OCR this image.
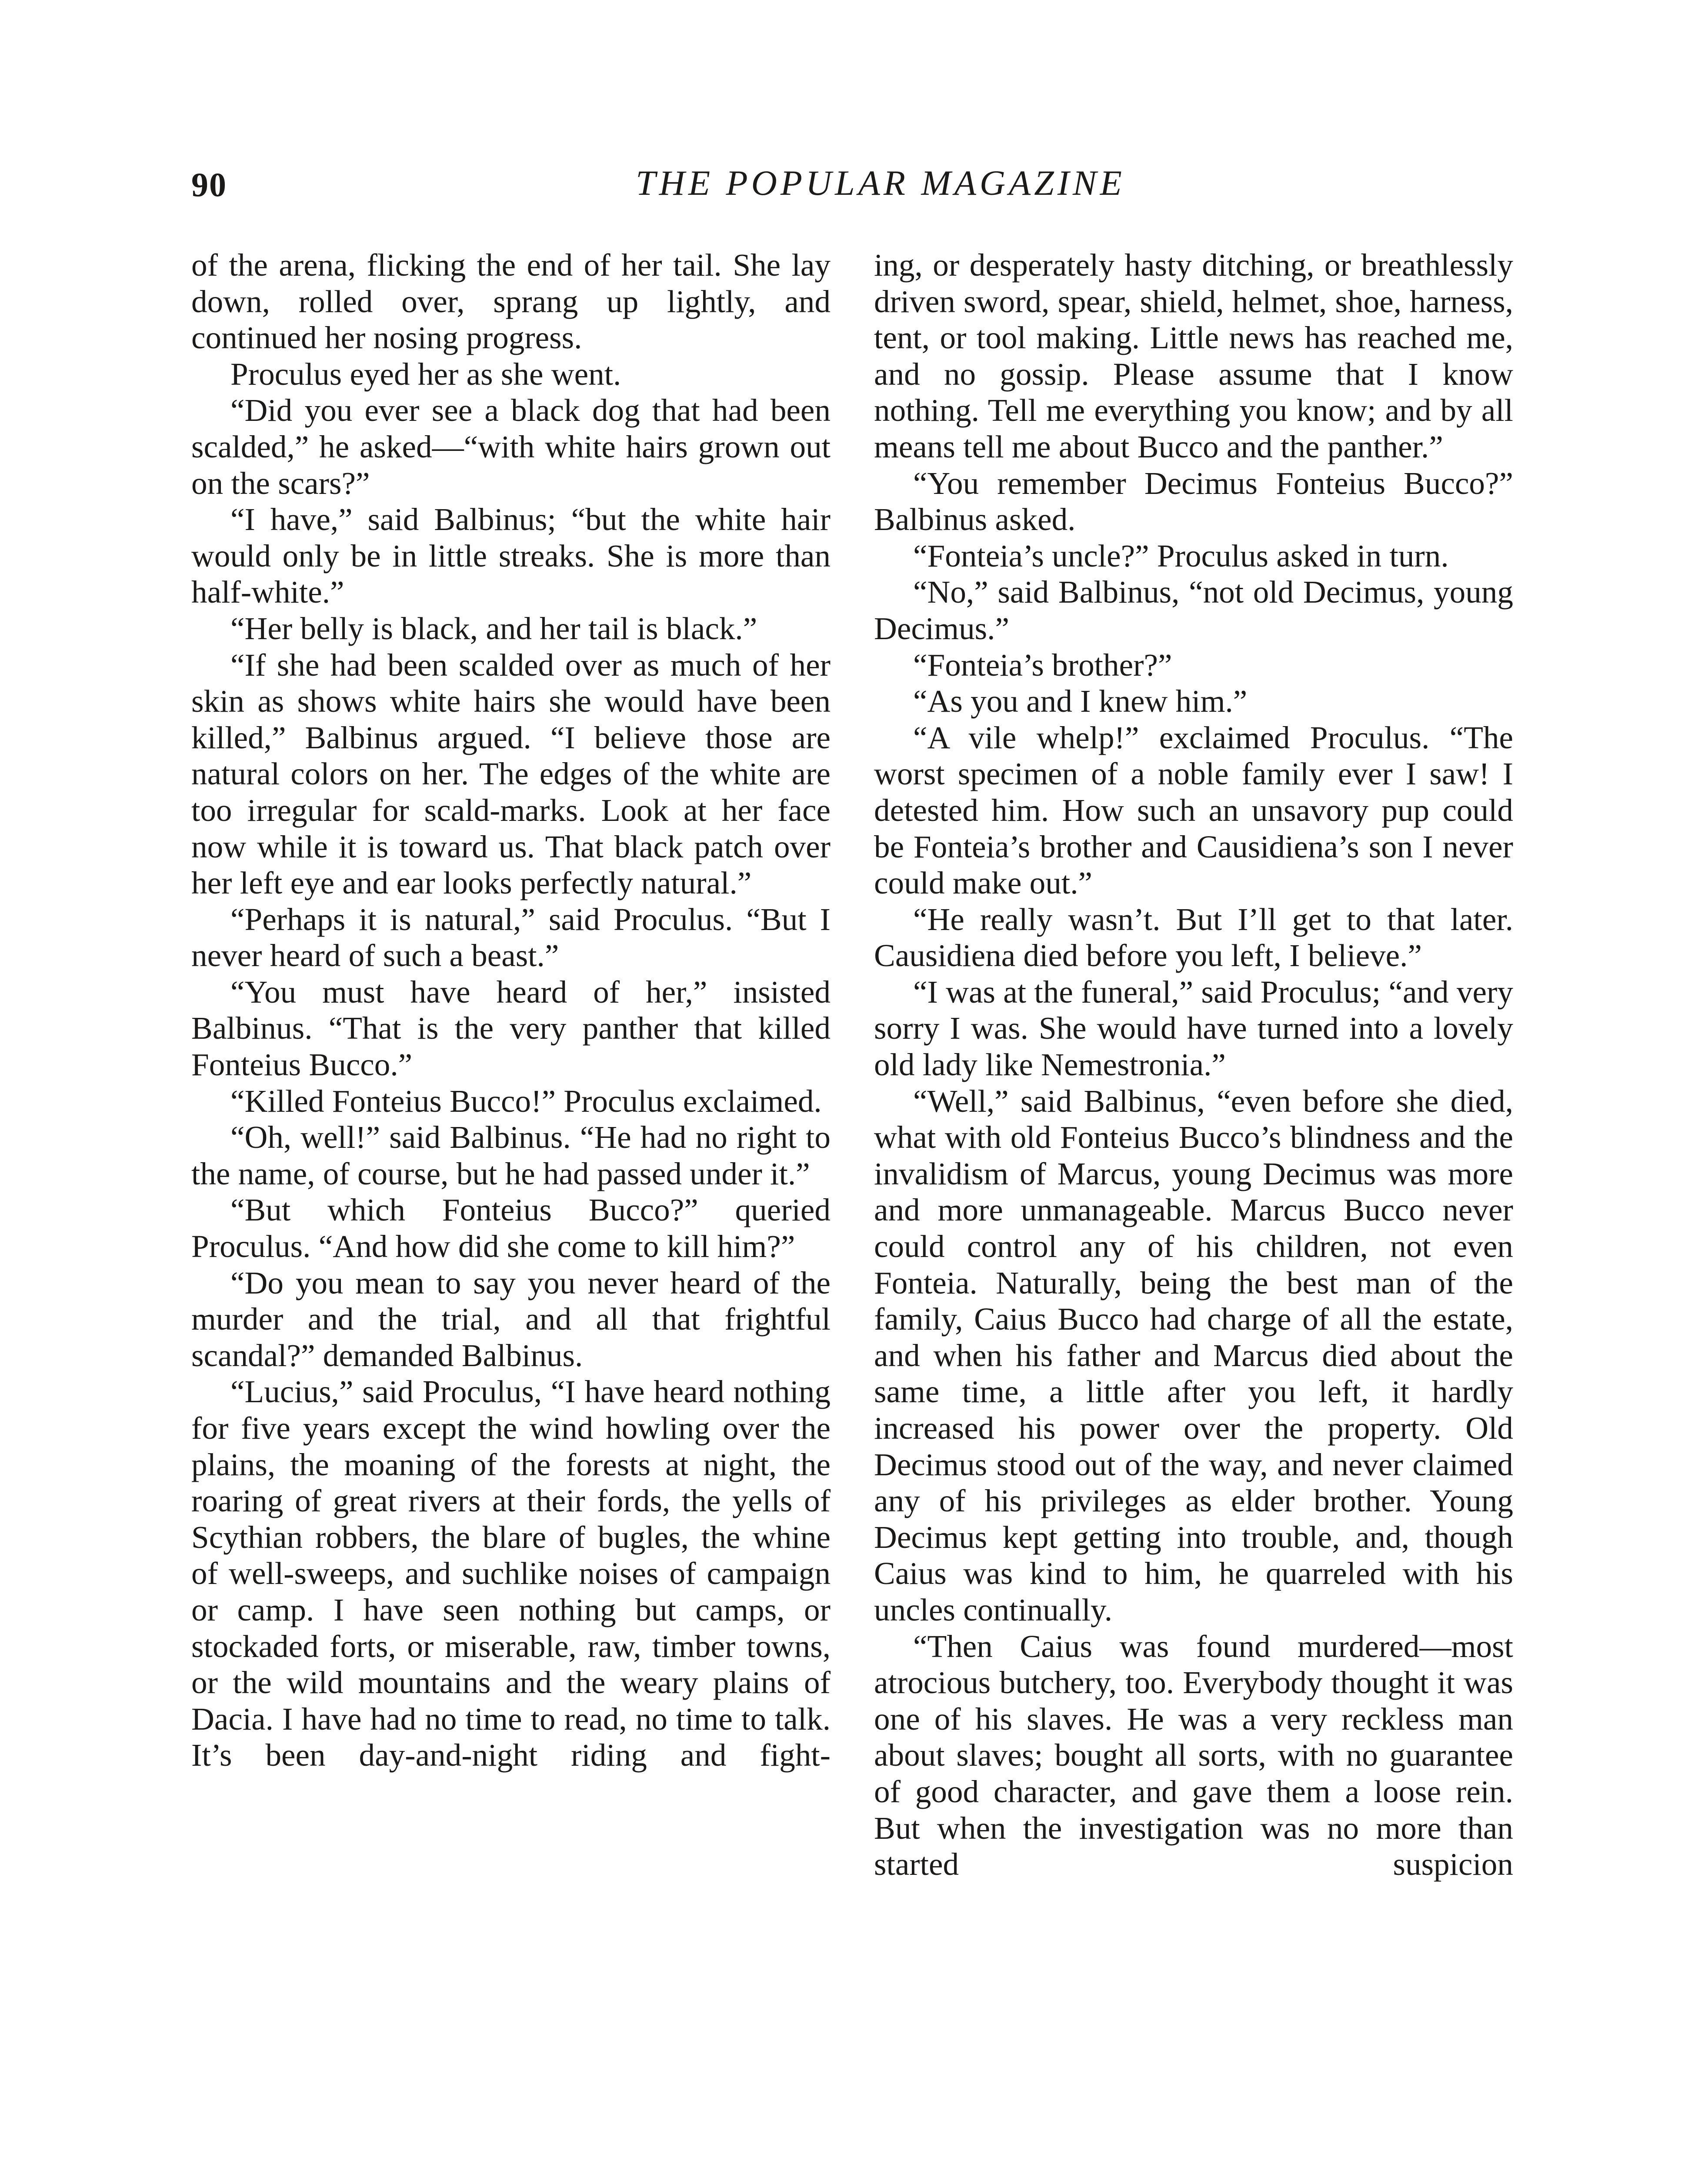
90	THE POPULAR MAGAZINE

of the arena, flicking the end of her tail. She lay down, rolled over, sprang up lightly, and continued her nosing progress.

Proculus eyed her as she went.

“Did you ever see a black dog that had been scalded,” he asked—“with white hairs grown out on the scars?”

“I have,” said Balbinus; “but the white hair would only be in little streaks. She is more than half-white.”

“Her belly is black, and her tail is black.”

“If she had been scalded over as much of her skin as shows white hairs she would have been killed,” Balbinus argued. “I believe those are natural colors on her. The edges of the white are too irregular for scald-marks. Look at her face now while it is toward us. That black patch over her left eye and ear looks perfectly natural.”

“Perhaps it is natural,” said Proculus. “But I never heard of such a beast.”

“You must have heard of her,” insisted Balbinus. “That is the very panther that killed Fonteius Bucco.”

“Killed Fonteius Bucco!” Proculus exclaimed.

“Oh, well!” said Balbinus. “He had no right to the name, of course, but he had passed under it.”

“But which Fonteius Bucco?” queried Proculus. “And how did she come to kill him?”

“Do you mean to say you never heard of the murder and the trial, and all that frightful scandal?” demanded Balbinus.

“Lucius,” said Proculus, “I have heard nothing for five years except the wind howling over the plains, the moaning of the forests at night, the roaring of great rivers at their fords, the yells of Scythian robbers, the blare of bugles, the whine of well-sweeps, and suchlike noises of campaign or camp. I have seen nothing but camps, or stockaded forts, or miserable, raw, timber towns, or the wild mountains and the weary plains of Dacia. I have had no time to read, no time to talk. It’s been day-and-night riding and fight-

ing, or desperately hasty ditching, or breathlessly driven sword, spear, shield, helmet, shoe, harness, tent, or tool making. Little news has reached me, and no gossip. Please assume that I know nothing. Tell me everything you know; and by all means tell me about Bucco and the panther.”

“You remember Decimus Fonteius Bucco?” Balbinus asked.

“Fonteia’s uncle?” Proculus asked in turn.

“No,” said Balbinus, “not old Decimus, young Decimus.”

“Fonteia’s brother?”

“As you and I knew him.”

“A vile whelp!” exclaimed Proculus. “The worst specimen of a noble family ever I saw! I detested him. How such an unsavory pup could be Fonteia’s brother and Causidiena’s son I never could make out.”

“He really wasn’t. But I’ll get to that later. Causidiena died before you left, I believe.”

“I was at the funeral,” said Proculus; “and very sorry I was. She would have turned into a lovely old lady like Nemestronia.”

“Well,” said Balbinus, “even before she died, what with old Fonteius Bucco’s blindness and the invalidism of Marcus, young Decimus was more and more unmanageable. Marcus Bucco never could control any of his children, not even Fonteia. Naturally, being the best man of the family, Caius Bucco had charge of all the estate, and when his father and Marcus died about the same time, a little after you left, it hardly increased his power over the property. Old Decimus stood out of the way, and never claimed any of his privileges as elder brother. Young Decimus kept getting into trouble, and, though Caius was kind to him, he quarreled with his uncles continually.

“Then Caius was found murdered—most atrocious butchery, too. Everybody thought it was one of his slaves. He was a very reckless man about slaves; bought all sorts, with no guarantee of good character, and gave them a loose rein. But when the investigation was no more than started suspicion
